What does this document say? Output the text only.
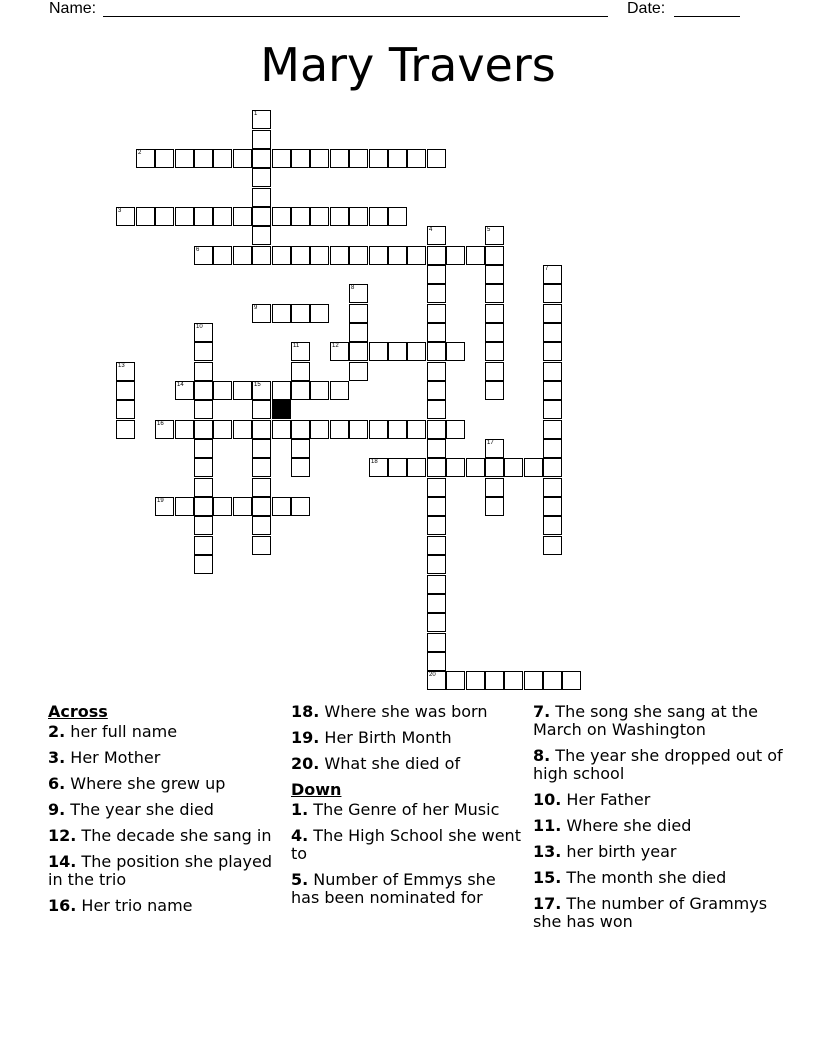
Name:	Date:
Mary Travers
1
2
3
4
20
5
6
7
8
9
10
11	12
13
14	15
16
17
18
19
Across
2. her full name
3. Her Mother
6. Where she grew up
9. The year she died
12. The decade she sang in
14. The position she played in the trio
16. Her trio name
18. Where she was born
19. Her Birth Month
20. What she died of
Down
1. The Genre of her Music
4. The High School she went to
5. Number of Emmys she has been nominated for
7. The song she sang at the March on Washington
8. The year she dropped out of high school
10. Her Father
11. Where she died
13. her birth year
15. The month she died
17. The number of Grammys she has won
